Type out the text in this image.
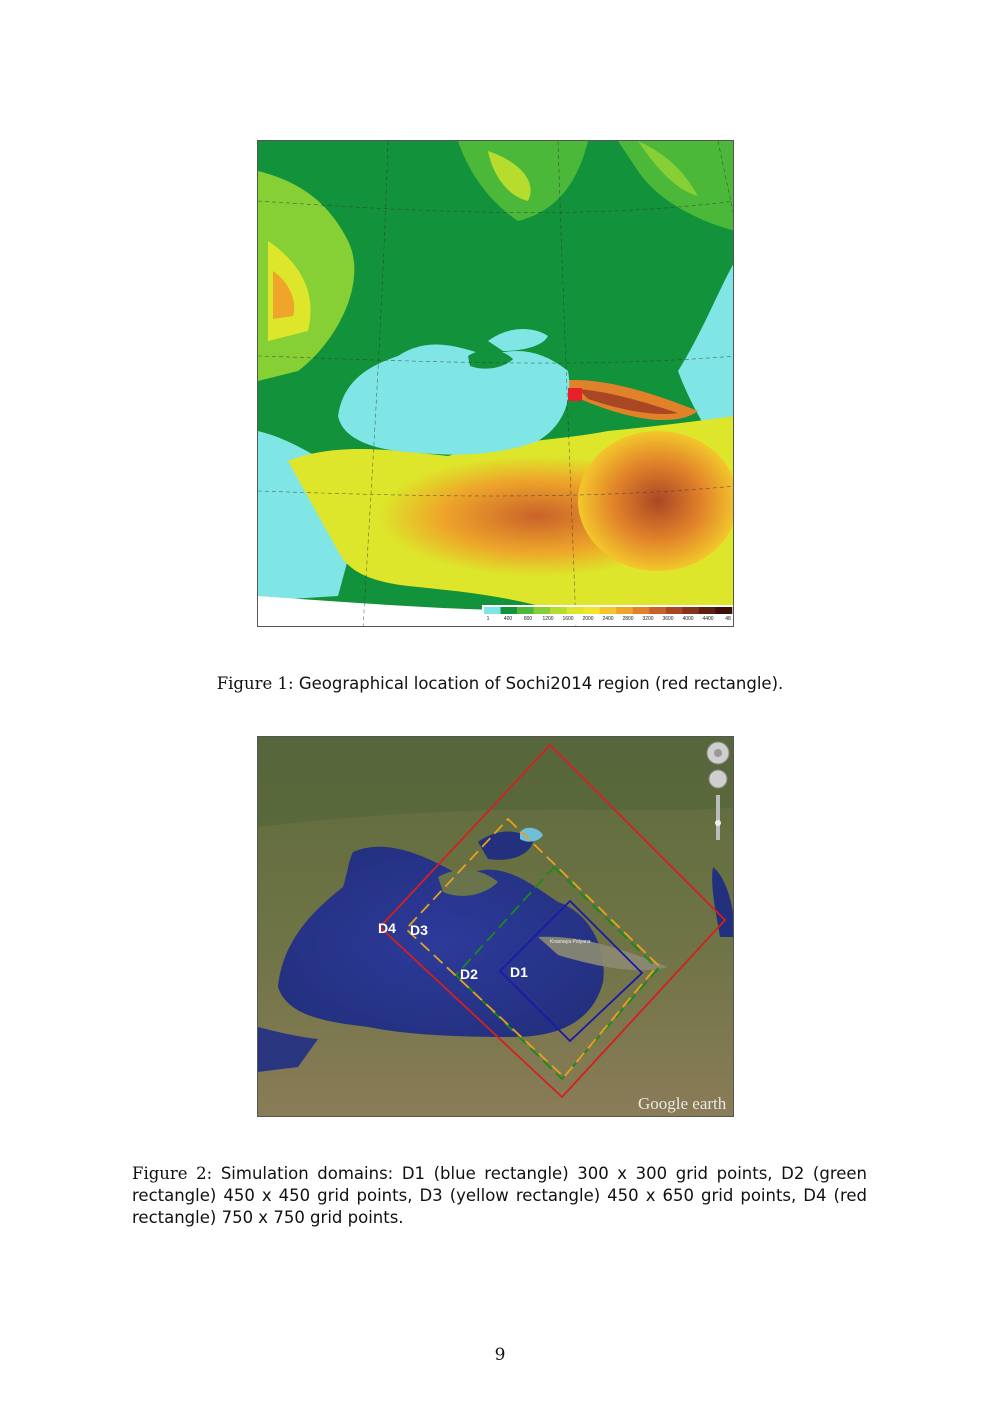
1	400 800 1200 1600 2000 2400 2800 3200 3600 4000 4400 48

Figure 1: Geographical location of Sochi2014 region (red rectangle).

D1
D2
D3
D4
Krasnaya Polyana
Google earth

Figure 2: Simulation domains: D1 (blue rectangle) 300 x 300 grid points, D2 (green rectangle) 450 x 450 grid points, D3 (yellow rectangle) 450 x 650 grid points, D4 (red rectangle) 750 x 750 grid points.

9
